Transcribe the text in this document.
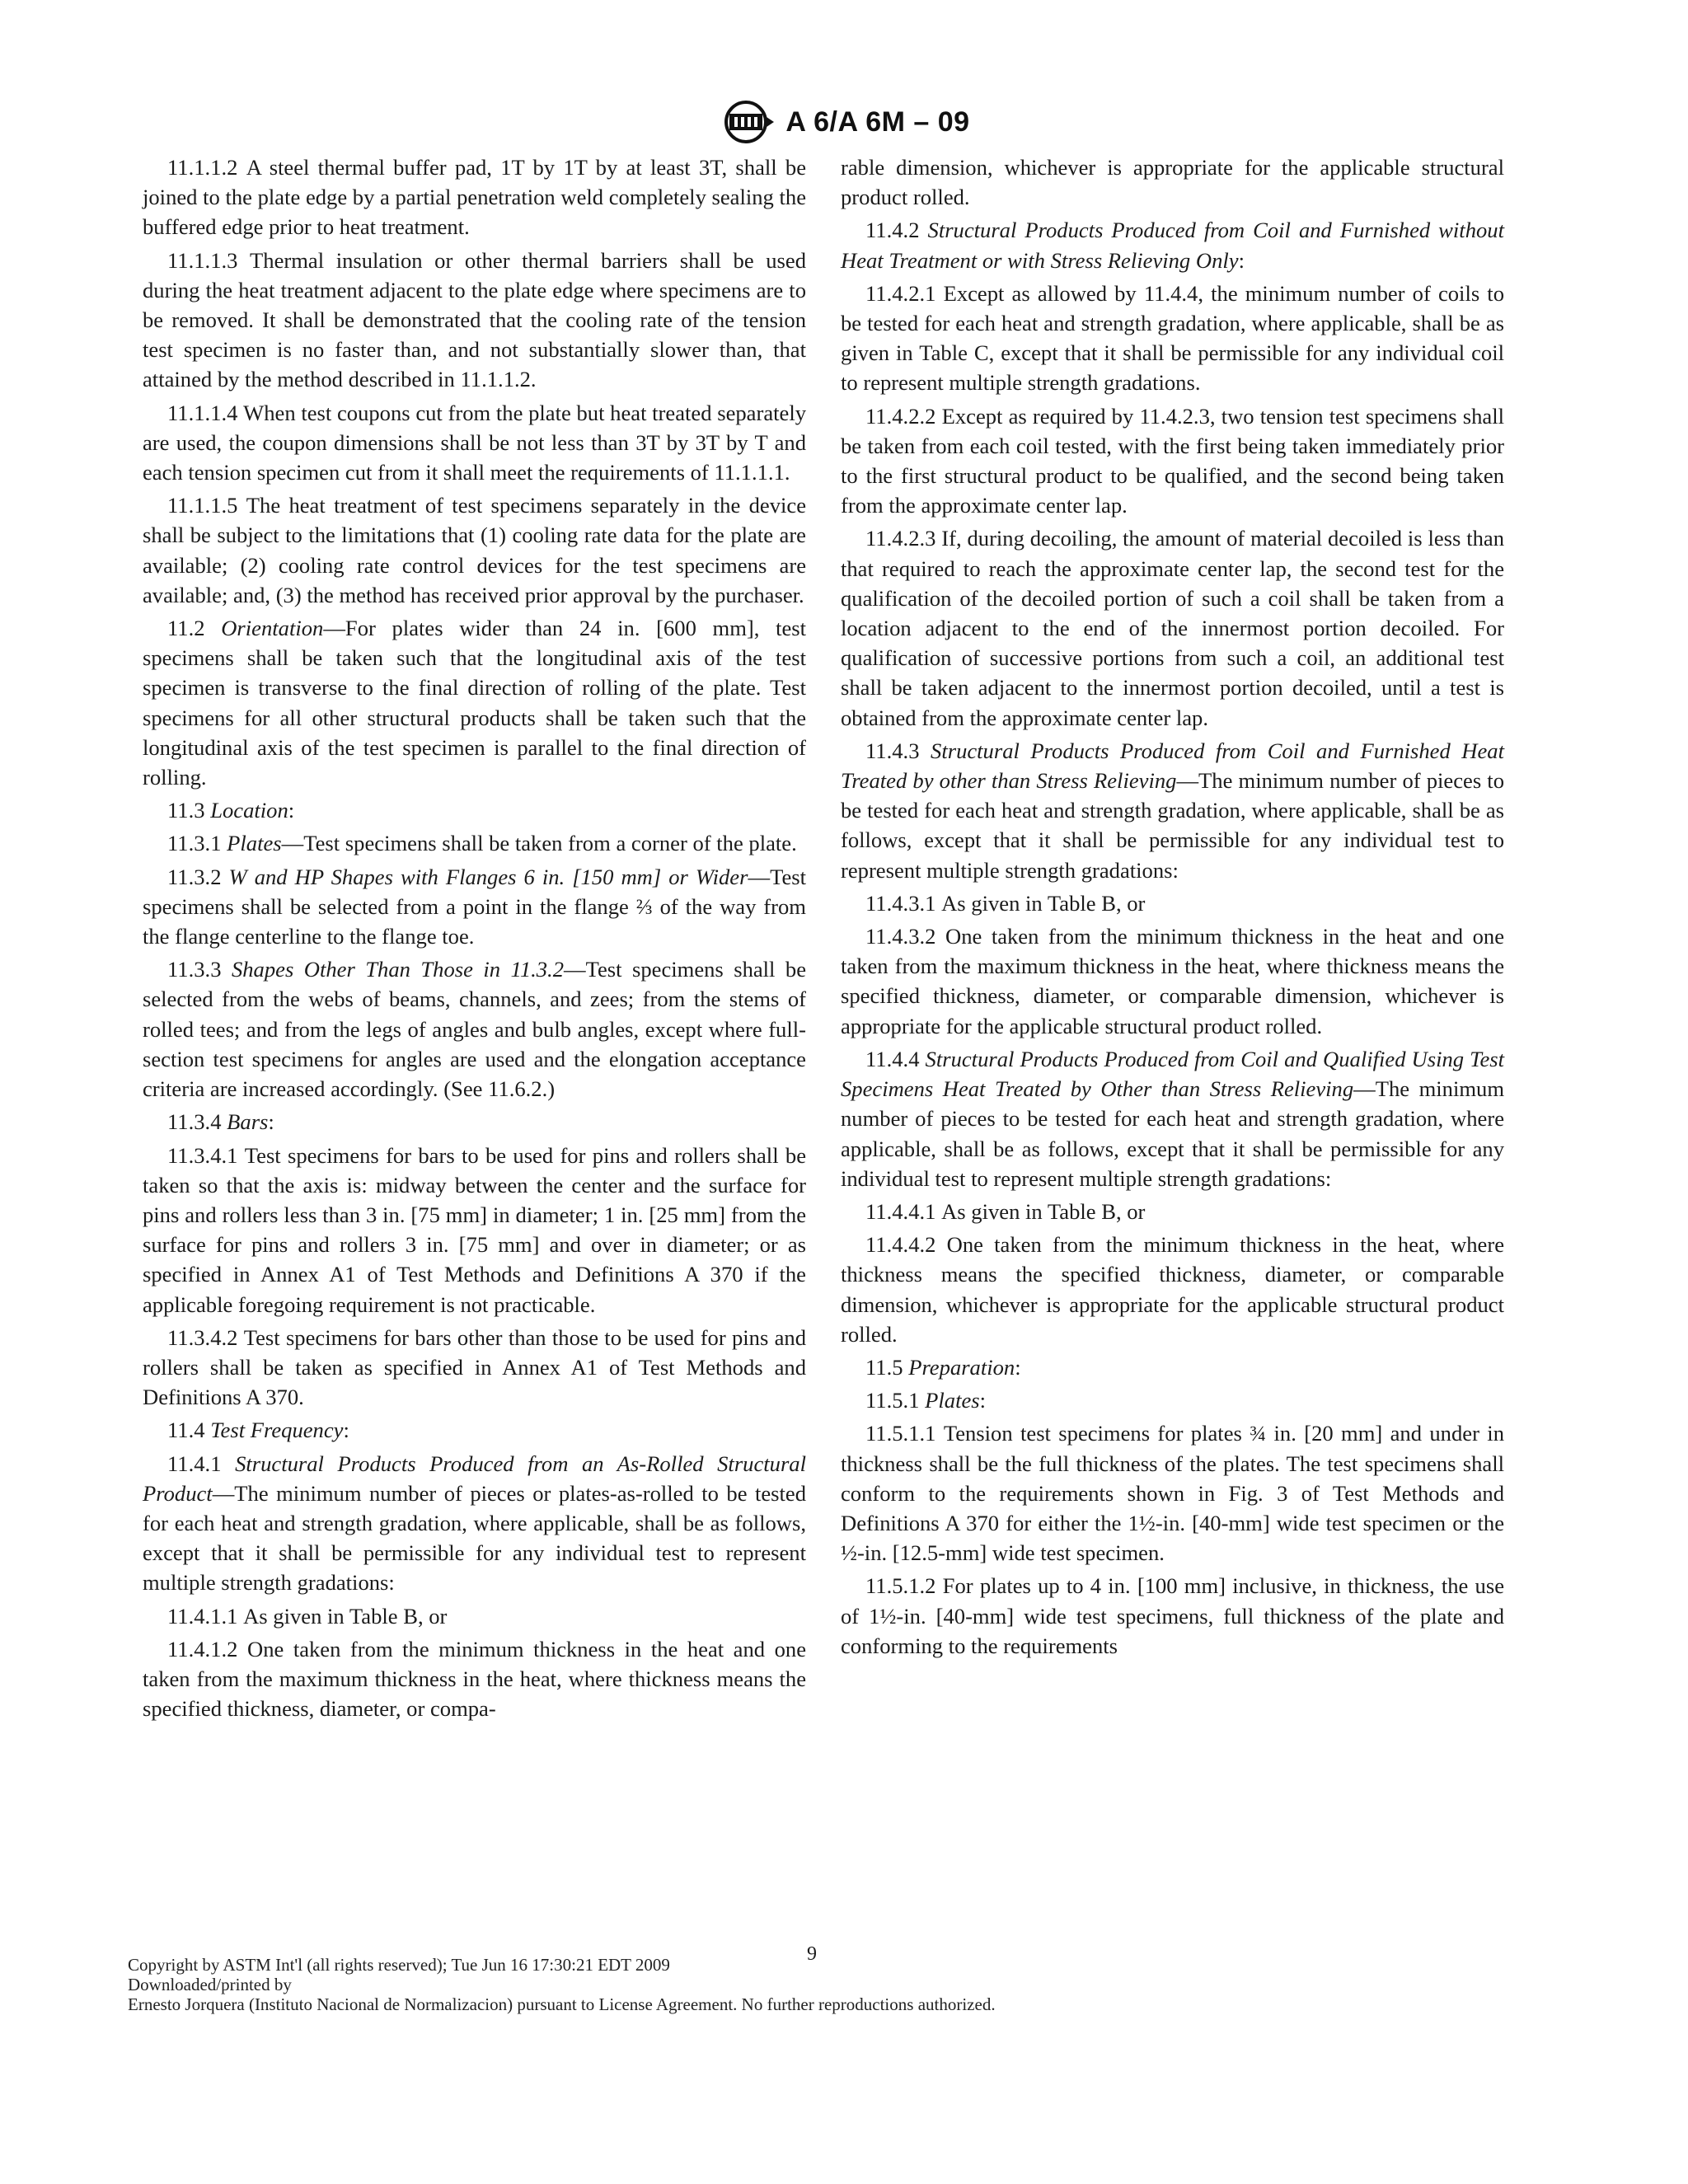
A 6/A 6M – 09

11.1.1.2 A steel thermal buffer pad, 1T by 1T by at least 3T, shall be joined to the plate edge by a partial penetration weld completely sealing the buffered edge prior to heat treatment.

11.1.1.3 Thermal insulation or other thermal barriers shall be used during the heat treatment adjacent to the plate edge where specimens are to be removed. It shall be demonstrated that the cooling rate of the tension test specimen is no faster than, and not substantially slower than, that attained by the method described in 11.1.1.2.

11.1.1.4 When test coupons cut from the plate but heat treated separately are used, the coupon dimensions shall be not less than 3T by 3T by T and each tension specimen cut from it shall meet the requirements of 11.1.1.1.

11.1.1.5 The heat treatment of test specimens separately in the device shall be subject to the limitations that (1) cooling rate data for the plate are available; (2) cooling rate control devices for the test specimens are available; and, (3) the method has received prior approval by the purchaser.

11.2 Orientation—For plates wider than 24 in. [600 mm], test specimens shall be taken such that the longitudinal axis of the test specimen is transverse to the final direction of rolling of the plate. Test specimens for all other structural products shall be taken such that the longitudinal axis of the test specimen is parallel to the final direction of rolling.

11.3 Location:

11.3.1 Plates—Test specimens shall be taken from a corner of the plate.

11.3.2 W and HP Shapes with Flanges 6 in. [150 mm] or Wider—Test specimens shall be selected from a point in the flange ⅔ of the way from the flange centerline to the flange toe.

11.3.3 Shapes Other Than Those in 11.3.2—Test specimens shall be selected from the webs of beams, channels, and zees; from the stems of rolled tees; and from the legs of angles and bulb angles, except where full-section test specimens for angles are used and the elongation acceptance criteria are increased accordingly. (See 11.6.2.)

11.3.4 Bars:

11.3.4.1 Test specimens for bars to be used for pins and rollers shall be taken so that the axis is: midway between the center and the surface for pins and rollers less than 3 in. [75 mm] in diameter; 1 in. [25 mm] from the surface for pins and rollers 3 in. [75 mm] and over in diameter; or as specified in Annex A1 of Test Methods and Definitions A 370 if the applicable foregoing requirement is not practicable.

11.3.4.2 Test specimens for bars other than those to be used for pins and rollers shall be taken as specified in Annex A1 of Test Methods and Definitions A 370.

11.4 Test Frequency:

11.4.1 Structural Products Produced from an As-Rolled Structural Product—The minimum number of pieces or plates-as-rolled to be tested for each heat and strength gradation, where applicable, shall be as follows, except that it shall be permissible for any individual test to represent multiple strength gradations:

11.4.1.1 As given in Table B, or

11.4.1.2 One taken from the minimum thickness in the heat and one taken from the maximum thickness in the heat, where thickness means the specified thickness, diameter, or compa-

rable dimension, whichever is appropriate for the applicable structural product rolled.

11.4.2 Structural Products Produced from Coil and Furnished without Heat Treatment or with Stress Relieving Only:

11.4.2.1 Except as allowed by 11.4.4, the minimum number of coils to be tested for each heat and strength gradation, where applicable, shall be as given in Table C, except that it shall be permissible for any individual coil to represent multiple strength gradations.

11.4.2.2 Except as required by 11.4.2.3, two tension test specimens shall be taken from each coil tested, with the first being taken immediately prior to the first structural product to be qualified, and the second being taken from the approximate center lap.

11.4.2.3 If, during decoiling, the amount of material decoiled is less than that required to reach the approximate center lap, the second test for the qualification of the decoiled portion of such a coil shall be taken from a location adjacent to the end of the innermost portion decoiled. For qualification of successive portions from such a coil, an additional test shall be taken adjacent to the innermost portion decoiled, until a test is obtained from the approximate center lap.

11.4.3 Structural Products Produced from Coil and Furnished Heat Treated by other than Stress Relieving—The minimum number of pieces to be tested for each heat and strength gradation, where applicable, shall be as follows, except that it shall be permissible for any individual test to represent multiple strength gradations:

11.4.3.1 As given in Table B, or

11.4.3.2 One taken from the minimum thickness in the heat and one taken from the maximum thickness in the heat, where thickness means the specified thickness, diameter, or comparable dimension, whichever is appropriate for the applicable structural product rolled.

11.4.4 Structural Products Produced from Coil and Qualified Using Test Specimens Heat Treated by Other than Stress Relieving—The minimum number of pieces to be tested for each heat and strength gradation, where applicable, shall be as follows, except that it shall be permissible for any individual test to represent multiple strength gradations:

11.4.4.1 As given in Table B, or

11.4.4.2 One taken from the minimum thickness in the heat, where thickness means the specified thickness, diameter, or comparable dimension, whichever is appropriate for the applicable structural product rolled.

11.5 Preparation:

11.5.1 Plates:

11.5.1.1 Tension test specimens for plates ¾ in. [20 mm] and under in thickness shall be the full thickness of the plates. The test specimens shall conform to the requirements shown in Fig. 3 of Test Methods and Definitions A 370 for either the 1½-in. [40-mm] wide test specimen or the ½-in. [12.5-mm] wide test specimen.

11.5.1.2 For plates up to 4 in. [100 mm] inclusive, in thickness, the use of 1½-in. [40-mm] wide test specimens, full thickness of the plate and conforming to the requirements

9
Copyright by ASTM Int'l (all rights reserved); Tue Jun 16 17:30:21 EDT 2009
Downloaded/printed by
Ernesto Jorquera (Instituto Nacional de Normalizacion) pursuant to License Agreement. No further reproductions authorized.
